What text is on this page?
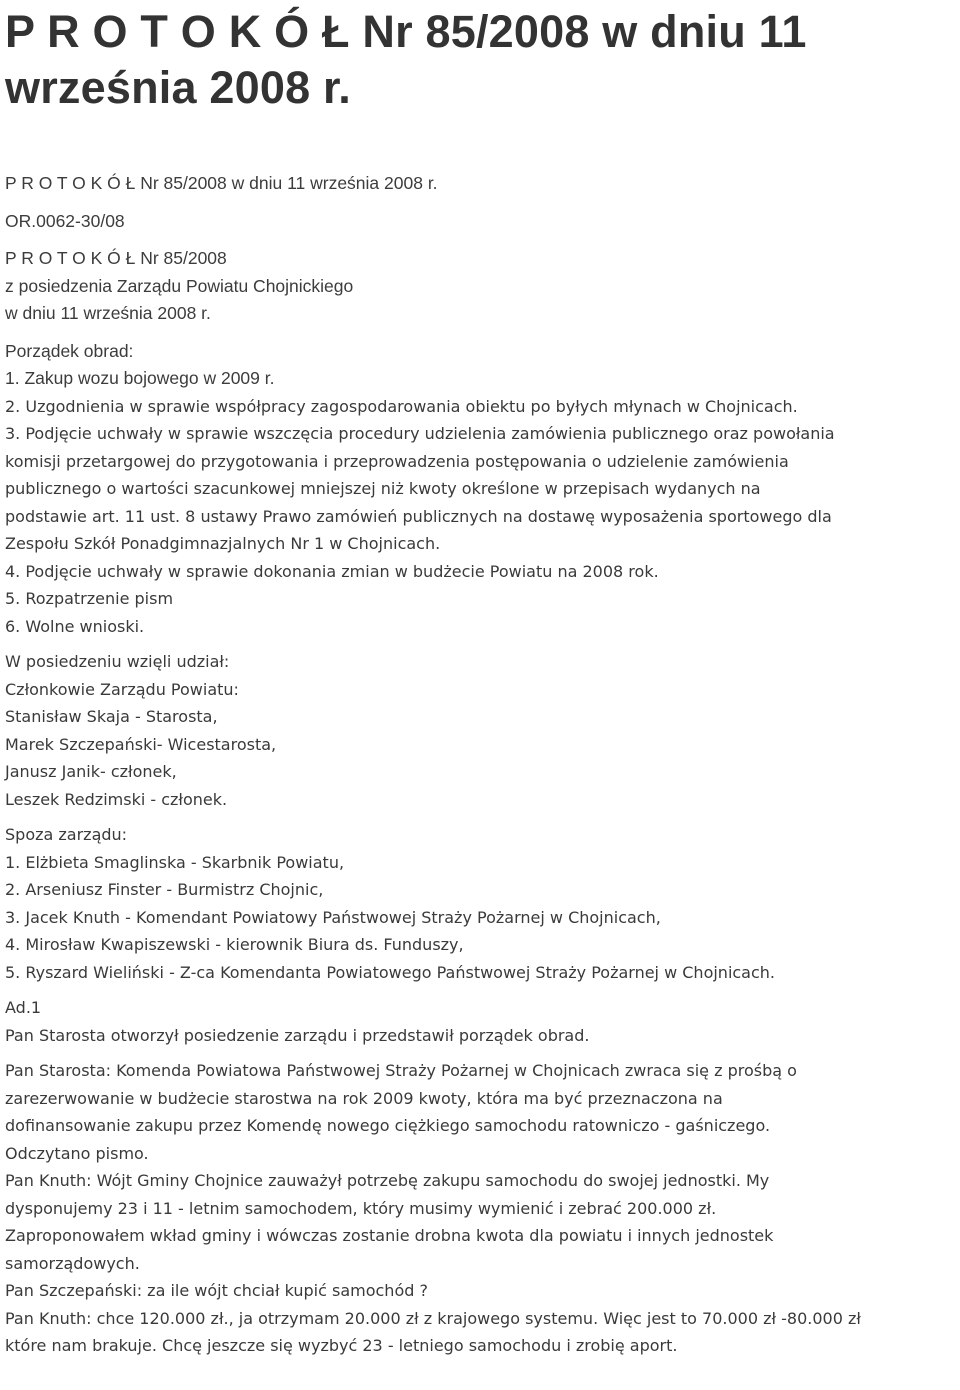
P R O T O K Ó Ł Nr 85/2008 w dniu 11
września 2008 r.
P R O T O K Ó Ł Nr 85/2008 w dniu 11 września 2008 r.
OR.0062-30/08
P R O T O K Ó Ł Nr 85/2008
z posiedzenia Zarządu Powiatu Chojnickiego
w dniu 11 września 2008 r.
Porządek obrad:
1. Zakup wozu bojowego w 2009 r.
2. Uzgodnienia w sprawie współpracy zagospodarowania obiektu po byłych młynach w Chojnicach.
3. Podjęcie uchwały w sprawie wszczęcia procedury udzielenia zamówienia publicznego oraz powołania
komisji przetargowej do przygotowania i przeprowadzenia postępowania o udzielenie zamówienia
publicznego o wartości szacunkowej mniejszej niż kwoty określone w przepisach wydanych na
podstawie art. 11 ust. 8 ustawy Prawo zamówień publicznych na dostawę wyposażenia sportowego dla
Zespołu Szkół Ponadgimnazjalnych Nr 1 w Chojnicach.
4. Podjęcie uchwały w sprawie dokonania zmian w budżecie Powiatu na 2008 rok.
5. Rozpatrzenie pism
6. Wolne wnioski.
W posiedzeniu wzięli udział:
Członkowie Zarządu Powiatu:
Stanisław Skaja - Starosta,
Marek Szczepański- Wicestarosta,
Janusz Janik- członek,
Leszek Redzimski - członek.
Spoza zarządu:
1. Elżbieta Smaglinska - Skarbnik Powiatu,
2. Arseniusz Finster - Burmistrz Chojnic,
3. Jacek Knuth - Komendant Powiatowy Państwowej Straży Pożarnej w Chojnicach,
4. Mirosław Kwapiszewski - kierownik Biura ds. Funduszy,
5. Ryszard Wieliński - Z-ca Komendanta Powiatowego Państwowej Straży Pożarnej w Chojnicach.
Ad.1
Pan Starosta otworzył posiedzenie zarządu i przedstawił porządek obrad.
Pan Starosta: Komenda Powiatowa Państwowej Straży Pożarnej w Chojnicach zwraca się z prośbą o
zarezerwowanie w budżecie starostwa na rok 2009 kwoty, która ma być przeznaczona na
dofinansowanie zakupu przez Komendę nowego ciężkiego samochodu ratowniczo - gaśniczego.
Odczytano pismo.
Pan Knuth: Wójt Gminy Chojnice zauważył potrzebę zakupu samochodu do swojej jednostki. My
dysponujemy 23 i 11 - letnim samochodem, który musimy wymienić i zebrać 200.000 zł.
Zaproponowałem wkład gminy i wówczas zostanie drobna kwota dla powiatu i innych jednostek
samorządowych.
Pan Szczepański: za ile wójt chciał kupić samochód ?
Pan Knuth: chce 120.000 zł., ja otrzymam 20.000 zł z krajowego systemu. Więc jest to 70.000 zł -80.000 zł
które nam brakuje. Chcę jeszcze się wyzbyć 23 - letniego samochodu i zrobię aport.
